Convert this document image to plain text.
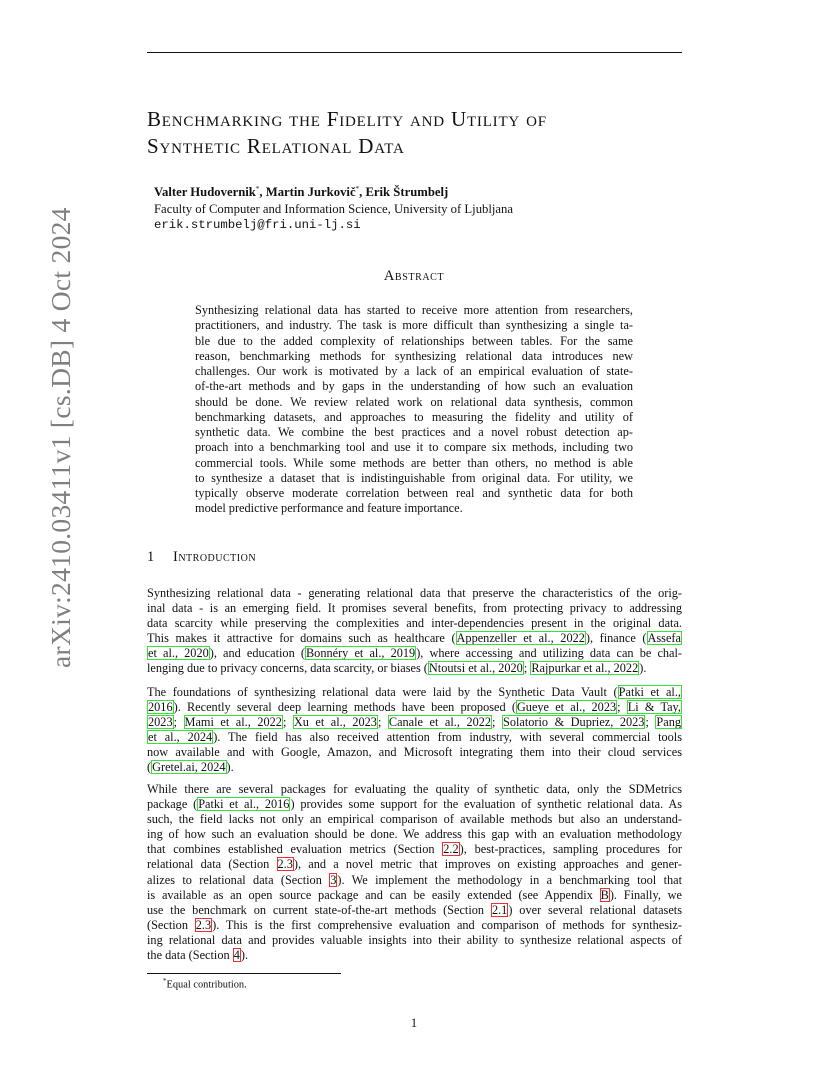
arXiv:2410.03411v1 [cs.DB] 4 Oct 2024
Benchmarking the Fidelity and Utility of
Synthetic Relational Data
Valter Hudovernik*, Martin Jurkovič*, Erik Štrumbelj
Faculty of Computer and Information Science, University of Ljubljana
erik.strumbelj@fri.uni-lj.si
Abstract
Synthesizing relational data has started to receive more attention from researchers,
practitioners, and industry. The task is more difficult than synthesizing a single ta-
ble due to the added complexity of relationships between tables. For the same
reason, benchmarking methods for synthesizing relational data introduces new
challenges. Our work is motivated by a lack of an empirical evaluation of state-
of-the-art methods and by gaps in the understanding of how such an evaluation
should be done. We review related work on relational data synthesis, common
benchmarking datasets, and approaches to measuring the fidelity and utility of
synthetic data. We combine the best practices and a novel robust detection ap-
proach into a benchmarking tool and use it to compare six methods, including two
commercial tools. While some methods are better than others, no method is able
to synthesize a dataset that is indistinguishable from original data. For utility, we
typically observe moderate correlation between real and synthetic data for both
model predictive performance and feature importance.
1 Introduction
Synthesizing relational data - generating relational data that preserve the characteristics of the orig-
inal data - is an emerging field. It promises several benefits, from protecting privacy to addressing
data scarcity while preserving the complexities and inter-dependencies present in the original data.
This makes it attractive for domains such as healthcare (Appenzeller et al., 2022), finance (Assefa
et al., 2020), and education (Bonnéry et al., 2019), where accessing and utilizing data can be chal-
lenging due to privacy concerns, data scarcity, or biases (Ntoutsi et al., 2020; Rajpurkar et al., 2022).
The foundations of synthesizing relational data were laid by the Synthetic Data Vault (Patki et al.,
2016). Recently several deep learning methods have been proposed (Gueye et al., 2023; Li & Tay,
2023; Mami et al., 2022; Xu et al., 2023; Canale et al., 2022; Solatorio & Dupriez, 2023; Pang
et al., 2024). The field has also received attention from industry, with several commercial tools
now available and with Google, Amazon, and Microsoft integrating them into their cloud services
(Gretel.ai, 2024).
While there are several packages for evaluating the quality of synthetic data, only the SDMetrics
package (Patki et al., 2016) provides some support for the evaluation of synthetic relational data. As
such, the field lacks not only an empirical comparison of available methods but also an understand-
ing of how such an evaluation should be done. We address this gap with an evaluation methodology
that combines established evaluation metrics (Section 2.2), best-practices, sampling procedures for
relational data (Section 2.3), and a novel metric that improves on existing approaches and gener-
alizes to relational data (Section 3). We implement the methodology in a benchmarking tool that
is available as an open source package and can be easily extended (see Appendix B). Finally, we
use the benchmark on current state-of-the-art methods (Section 2.1) over several relational datasets
(Section 2.3). This is the first comprehensive evaluation and comparison of methods for synthesiz-
ing relational data and provides valuable insights into their ability to synthesize relational aspects of
the data (Section 4).
*Equal contribution.
1
